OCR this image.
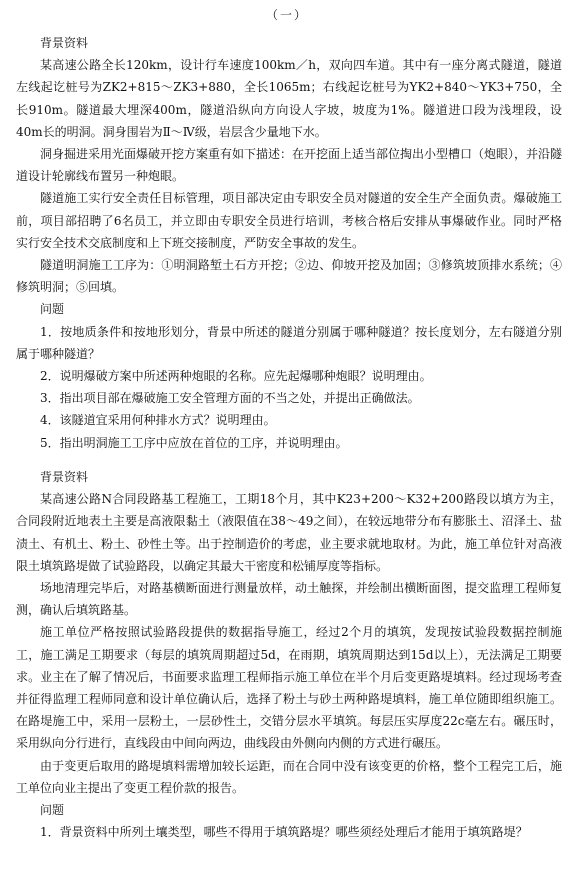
（一）

背景资料

某高速公路全长120km，设计行车速度100km／h，双向四车道。其中有一座分离式隧道，隧道左线起讫桩号为ZK2+815～ZK3+880，全长1065m；右线起讫桩号为YK2+840～YK3+750，全长910m。隧道最大埋深400m，隧道沿纵向方向设人字坡，坡度为1%。隧道进口段为浅埋段，设40m长的明洞。洞身围岩为Ⅱ～Ⅳ级，岩层含少量地下水。

洞身掘进采用光面爆破开挖方案重有如下描述：在开挖面上适当部位掏出小型槽口（炮眼），并沿隧道设计轮廓线布置另一种炮眼。

隧道施工实行安全责任目标管理，项目部决定由专职安全员对隧道的安全生产全面负责。爆破施工前，项目部招聘了6名员工，并立即由专职安全员进行培训，考核合格后安排从事爆破作业。同时严格实行安全技术交底制度和上下班交接制度，严防安全事故的发生。

隧道明洞施工工序为：①明洞路堑土石方开挖；②边、仰坡开挖及加固；③修筑坡顶排水系统；④修筑明洞；⑤回填。

问题

1．按地质条件和按地形划分，背景中所述的隧道分别属于哪种隧道？按长度划分，左右隧道分别属于哪种隧道？

2．说明爆破方案中所述两种炮眼的名称。应先起爆哪种炮眼？说明理由。

3．指出项目部在爆破施工安全管理方面的不当之处，并提出正确做法。

4．该隧道宜采用何种排水方式？说明理由。

5．指出明洞施工工序中应放在首位的工序，并说明理由。

背景资料

某高速公路N合同段路基工程施工，工期18个月，其中K23+200～K32+200路段以填方为主，合同段附近地表土主要是高液限黏土（液限值在38～49之间），在较远地带分布有膨胀土、沼泽土、盐渍土、有机土、粉土、砂性土等。出于控制造价的考虑，业主要求就地取材。为此，施工单位针对高液限土填筑路堤做了试验路段，以确定其最大干密度和松铺厚度等指标。

场地清理完毕后，对路基横断面进行测量放样，动土触探，并绘制出横断面图，提交监理工程师复测，确认后填筑路基。

施工单位严格按照试验路段提供的数据指导施工，经过2个月的填筑，发现按试验段数据控制施工，施工满足工期要求（每层的填筑周期超过5d，在雨期，填筑周期达到15d以上），无法满足工期要求。业主在了解了情况后，书面要求监理工程师指示施工单位在半个月后变更路堤填料。经过现场考查并征得监理工程师同意和设计单位确认后，选择了粉土与砂土两种路堤填料，施工单位随即组织施工。在路堤施工中，采用一层粉土，一层砂性土，交错分层水平填筑。每层压实厚度22c毫左右。碾压时，采用纵向分行进行，直线段由中间向两边，曲线段由外侧向内侧的方式进行碾压。

由于变更后取用的路堤填料需增加较长运距，而在合同中没有该变更的价格，整个工程完工后，施工单位向业主提出了变更工程价款的报告。

问题

1．背景资料中所列土壤类型，哪些不得用于填筑路堤？哪些须经处理后才能用于填筑路堤？
